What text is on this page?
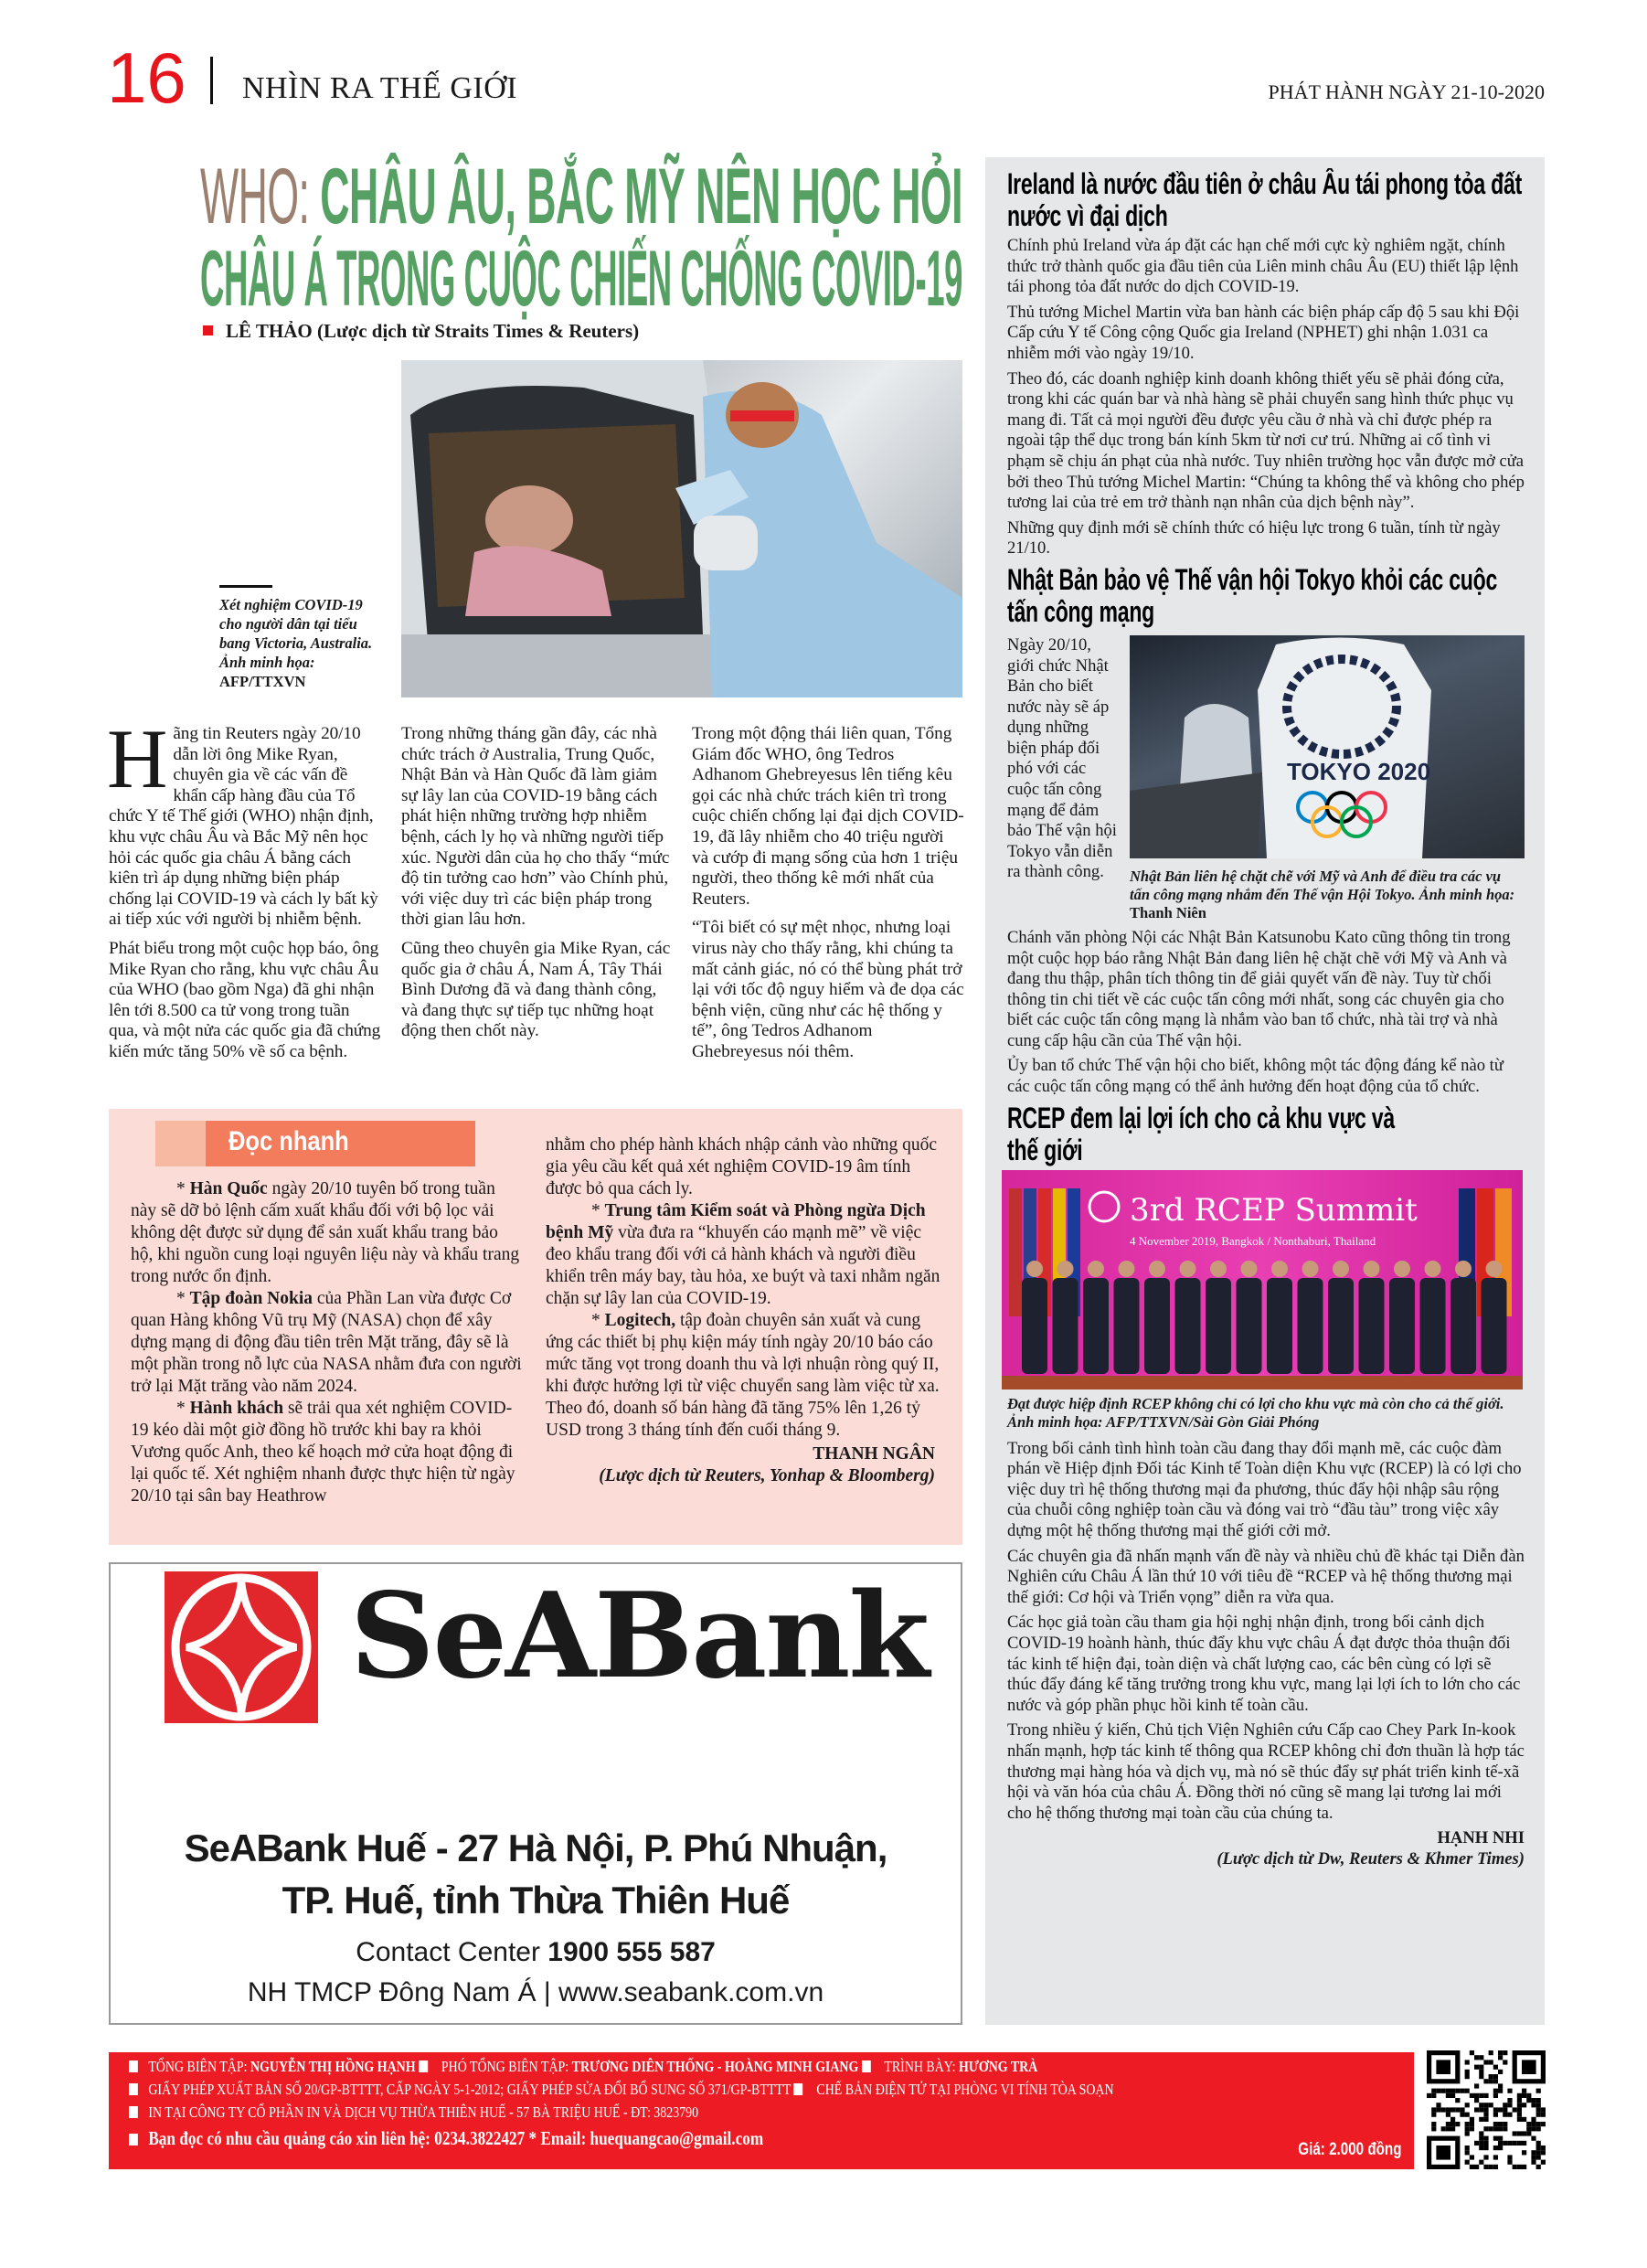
16 NHÌN RA THẾ GIỚI	PHÁT HÀNH NGÀY 21-10-2020
WHO: CHÂU ÂU, BẮC MỸ NÊN HỌC HỎI
CHÂU Á TRONG CUỘC CHIẾN CHỐNG COVID-19
LÊ THẢO (Lược dịch từ Straits Times & Reuters)
Xét nghiệm COVID-19 cho người dân tại tiểu bang Victoria, Australia. Ảnh minh họa: AFP/TTXVN

Hãng tin Reuters ngày 20/10 dẫn lời ông Mike Ryan, chuyên gia về các vấn đề khẩn cấp hàng đầu của Tổ chức Y tế Thế giới (WHO) nhận định, khu vực châu Âu và Bắc Mỹ nên học hỏi các quốc gia châu Á bằng cách kiên trì áp dụng những biện pháp chống lại COVID-19 và cách ly bất kỳ ai tiếp xúc với người bị nhiễm bệnh.

Phát biểu trong một cuộc họp báo, ông Mike Ryan cho rằng, khu vực châu Âu của WHO (bao gồm Nga) đã ghi nhận lên tới 8.500 ca tử vong trong tuần qua, và một nửa các quốc gia đã chứng kiến mức tăng 50% về số ca bệnh.

Trong những tháng gần đây, các nhà chức trách ở Australia, Trung Quốc, Nhật Bản và Hàn Quốc đã làm giảm sự lây lan của COVID-19 bằng cách phát hiện những trường hợp nhiễm bệnh, cách ly họ và những người tiếp xúc. Người dân của họ cho thấy “mức độ tin tưởng cao hơn” vào Chính phủ, với việc duy trì các biện pháp trong thời gian lâu hơn.

Cũng theo chuyên gia Mike Ryan, các quốc gia ở châu Á, Nam Á, Tây Thái Bình Dương đã và đang thành công, và đang thực sự tiếp tục những hoạt động then chốt này.

Trong một động thái liên quan, Tổng Giám đốc WHO, ông Tedros Adhanom Ghebreyesus lên tiếng kêu gọi các nhà chức trách kiên trì trong cuộc chiến chống lại đại dịch COVID-19, đã lây nhiễm cho 40 triệu người và cướp đi mạng sống của hơn 1 triệu người, theo thống kê mới nhất của Reuters.

“Tôi biết có sự mệt nhọc, nhưng loại virus này cho thấy rằng, khi chúng ta mất cảnh giác, nó có thể bùng phát trở lại với tốc độ nguy hiểm và đe dọa các bệnh viện, cũng như các hệ thống y tế”, ông Tedros Adhanom Ghebreyesus nói thêm.

Đọc nhanh

* Hàn Quốc ngày 20/10 tuyên bố trong tuần này sẽ dỡ bỏ lệnh cấm xuất khẩu đối với bộ lọc vải không dệt được sử dụng để sản xuất khẩu trang bảo hộ, khi nguồn cung loại nguyên liệu này và khẩu trang trong nước ổn định.

* Tập đoàn Nokia của Phần Lan vừa được Cơ quan Hàng không Vũ trụ Mỹ (NASA) chọn để xây dựng mạng di động đầu tiên trên Mặt trăng, đây sẽ là một phần trong nỗ lực của NASA nhằm đưa con người trở lại Mặt trăng vào năm 2024.

* Hành khách sẽ trải qua xét nghiệm COVID-19 kéo dài một giờ đồng hồ trước khi bay ra khỏi Vương quốc Anh, theo kế hoạch mở cửa hoạt động đi lại quốc tế. Xét nghiệm nhanh được thực hiện từ ngày 20/10 tại sân bay Heathrow

nhằm cho phép hành khách nhập cảnh vào những quốc gia yêu cầu kết quả xét nghiệm COVID-19 âm tính được bỏ qua cách ly.

* Trung tâm Kiểm soát và Phòng ngừa Dịch bệnh Mỹ vừa đưa ra “khuyến cáo mạnh mẽ” về việc đeo khẩu trang đối với cả hành khách và người điều khiển trên máy bay, tàu hỏa, xe buýt và taxi nhằm ngăn chặn sự lây lan của COVID-19.

* Logitech, tập đoàn chuyên sản xuất và cung ứng các thiết bị phụ kiện máy tính ngày 20/10 báo cáo mức tăng vọt trong doanh thu và lợi nhuận ròng quý II, khi được hưởng lợi từ việc chuyển sang làm việc từ xa. Theo đó, doanh số bán hàng đã tăng 75% lên 1,26 tỷ USD trong 3 tháng tính đến cuối tháng 9.

THANH NGÂN

(Lược dịch từ Reuters, Yonhap & Bloomberg)

SeABank
SeABank Huế - 27 Hà Nội, P. Phú Nhuận,
TP. Huế, tỉnh Thừa Thiên Huế
Contact Center 1900 555 587
NH TMCP Đông Nam Á | www.seabank.com.vn
Ireland là nước đầu tiên ở châu Âu tái phong tỏa đất nước vì đại dịch

Chính phủ Ireland vừa áp đặt các hạn chế mới cực kỳ nghiêm ngặt, chính thức trở thành quốc gia đầu tiên của Liên minh châu Âu (EU) thiết lập lệnh tái phong tỏa đất nước do dịch COVID-19.

Thủ tướng Michel Martin vừa ban hành các biện pháp cấp độ 5 sau khi Đội Cấp cứu Y tế Công cộng Quốc gia Ireland (NPHET) ghi nhận 1.031 ca nhiễm mới vào ngày 19/10.

Theo đó, các doanh nghiệp kinh doanh không thiết yếu sẽ phải đóng cửa, trong khi các quán bar và nhà hàng sẽ phải chuyển sang hình thức phục vụ mang đi. Tất cả mọi người đều được yêu cầu ở nhà và chỉ được phép ra ngoài tập thể dục trong bán kính 5km từ nơi cư trú. Những ai cố tình vi phạm sẽ chịu án phạt của nhà nước. Tuy nhiên trường học vẫn được mở cửa bởi theo Thủ tướng Michel Martin: “Chúng ta không thể và không cho phép tương lai của trẻ em trở thành nạn nhân của dịch bệnh này”.

Những quy định mới sẽ chính thức có hiệu lực trong 6 tuần, tính từ ngày 21/10.

Nhật Bản bảo vệ Thế vận hội Tokyo khỏi các cuộc tấn công mạng
Ngày 20/10, giới chức Nhật Bản cho biết nước này sẽ áp dụng những biện pháp đối phó với các cuộc tấn công mạng để đảm bảo Thế vận hội Tokyo vẫn diễn ra thành công.
TOKYO 2020
Nhật Bản liên hệ chặt chẽ với Mỹ và Anh để điều tra các vụ tấn công mạng nhắm đến Thế vận Hội Tokyo. Ảnh minh họa: Thanh Niên

Chánh văn phòng Nội các Nhật Bản Katsunobu Kato cũng thông tin trong một cuộc họp báo rằng Nhật Bản đang liên hệ chặt chẽ với Mỹ và Anh và đang thu thập, phân tích thông tin để giải quyết vấn đề này. Tuy từ chối thông tin chi tiết về các cuộc tấn công mới nhất, song các chuyên gia cho biết các cuộc tấn công mạng là nhắm vào ban tổ chức, nhà tài trợ và nhà cung cấp hậu cần của Thế vận hội.

Ủy ban tổ chức Thế vận hội cho biết, không một tác động đáng kể nào từ các cuộc tấn công mạng có thể ảnh hưởng đến hoạt động của tổ chức.

RCEP đem lại lợi ích cho cả khu vực và thế giới
3rd RCEP Summit
4 November 2019, Bangkok / Nonthaburi, Thailand
Đạt được hiệp định RCEP không chỉ có lợi cho khu vực mà còn cho cả thế giới. Ảnh minh họa: AFP/TTXVN/Sài Gòn Giải Phóng

Trong bối cảnh tình hình toàn cầu đang thay đổi mạnh mẽ, các cuộc đàm phán về Hiệp định Đối tác Kinh tế Toàn diện Khu vực (RCEP) là có lợi cho việc duy trì hệ thống thương mại đa phương, thúc đẩy hội nhập sâu rộng của chuỗi công nghiệp toàn cầu và đóng vai trò “đầu tàu” trong việc xây dựng một hệ thống thương mại thế giới cởi mở.

Các chuyên gia đã nhấn mạnh vấn đề này và nhiều chủ đề khác tại Diễn đàn Nghiên cứu Châu Á lần thứ 10 với tiêu đề “RCEP và hệ thống thương mại thế giới: Cơ hội và Triển vọng” diễn ra vừa qua.

Các học giả toàn cầu tham gia hội nghị nhận định, trong bối cảnh dịch COVID-19 hoành hành, thúc đẩy khu vực châu Á đạt được thỏa thuận đối tác kinh tế hiện đại, toàn diện và chất lượng cao, các bên cùng có lợi sẽ thúc đẩy đáng kể tăng trưởng trong khu vực, mang lại lợi ích to lớn cho các nước và góp phần phục hồi kinh tế toàn cầu.

Trong nhiều ý kiến, Chủ tịch Viện Nghiên cứu Cấp cao Chey Park In-kook nhấn mạnh, hợp tác kinh tế thông qua RCEP không chỉ đơn thuần là hợp tác thương mại hàng hóa và dịch vụ, mà nó sẽ thúc đẩy sự phát triển kinh tế-xã hội và văn hóa của châu Á. Đồng thời nó cũng sẽ mang lại tương lai mới cho hệ thống thương mại toàn cầu của chúng ta.

HẠNH NHI

(Lược dịch từ Dw, Reuters & Khmer Times)

TỔNG BIÊN TẬP: NGUYỄN THỊ HỒNG HẠNH  PHÓ TỔNG BIÊN TẬP: TRƯƠNG DIÊN THỐNG - HOÀNG MINH GIANG  TRÌNH BÀY: HƯƠNG TRÀ
GIẤY PHÉP XUẤT BẢN SỐ 20/GP-BTTTT, CẤP NGÀY 5-1-2012; GIẤY PHÉP SỬA ĐỔI BỔ SUNG SỐ 371/GP-BTTTT  CHẾ BẢN ĐIỆN TỬ TẠI PHÒNG VI TÍNH TÒA SOẠN
IN TẠI CÔNG TY CỔ PHẦN IN VÀ DỊCH VỤ THỪA THIÊN HUẾ - 57 BÀ TRIỆU HUẾ - ĐT: 3823790
Bạn đọc có nhu cầu quảng cáo xin liên hệ: 0234.3822427 * Email: huequangcao@gmail.com
Giá: 2.000 đồng
